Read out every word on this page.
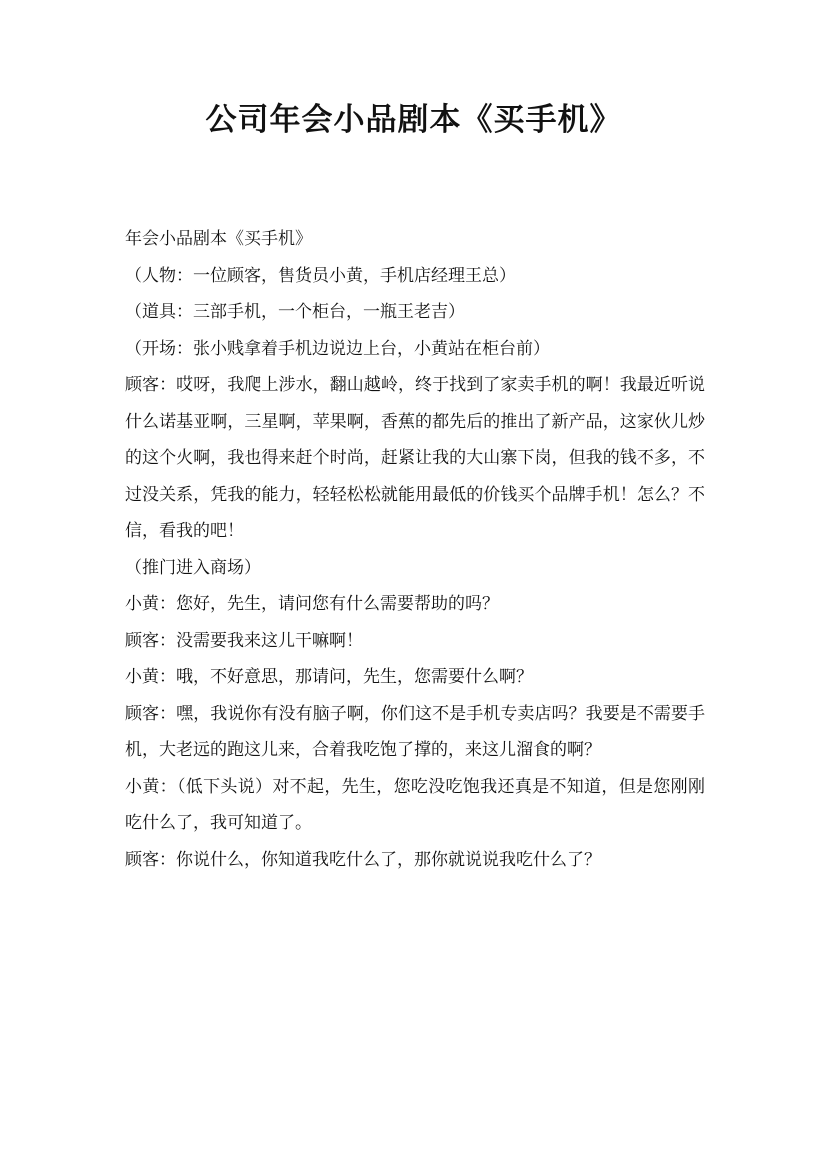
公司年会小品剧本《买手机》

年会小品剧本《买手机》

（人物：一位顾客，售货员小黄，手机店经理王总）

（道具：三部手机，一个柜台，一瓶王老吉）

（开场：张小贱拿着手机边说边上台，小黄站在柜台前）

顾客：哎呀，我爬上涉水，翻山越岭，终于找到了家卖手机的啊！我最近听说什么诺基亚啊，三星啊，苹果啊，香蕉的都先后的推出了新产品，这家伙儿炒的这个火啊，我也得来赶个时尚，赶紧让我的大山寨下岗，但我的钱不多，不过没关系，凭我的能力，轻轻松松就能用最低的价钱买个品牌手机！怎么？不信，看我的吧！

（推门进入商场）

小黄：您好，先生，请问您有什么需要帮助的吗？

顾客：没需要我来这儿干嘛啊！

小黄：哦，不好意思，那请问，先生，您需要什么啊？

顾客：嘿，我说你有没有脑子啊，你们这不是手机专卖店吗？我要是不需要手机，大老远的跑这儿来，合着我吃饱了撑的，来这儿溜食的啊？

小黄：（低下头说）对不起，先生，您吃没吃饱我还真是不知道，但是您刚刚吃什么了，我可知道了。

顾客：你说什么，你知道我吃什么了，那你就说说我吃什么了？
